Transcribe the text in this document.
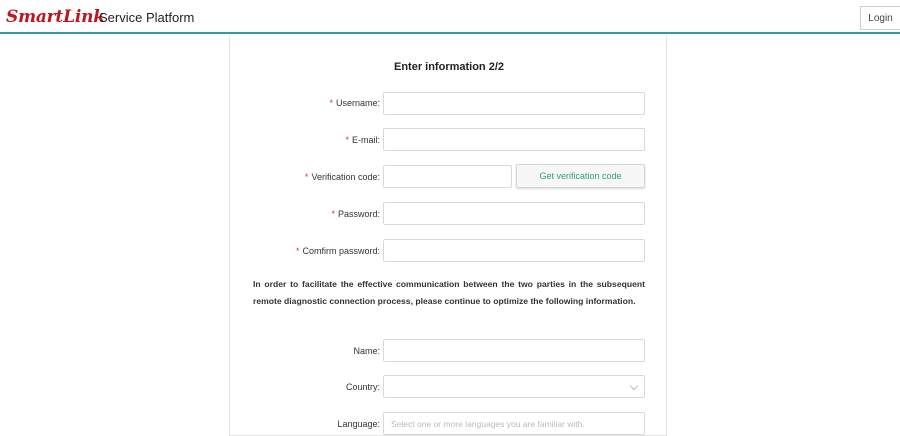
SmartLink
Service Platform	Login
Enter information 2/2
* Username:
* E-mail:
* Verification code:	Get verification code
* Password:
* Comfirm password:
In order to facilitate the effective communication between the two parties in the subsequent remote diagnostic connection process, please continue to optimize the following information.
Name:
Country:
Language: Select one or more languages you are familiar with.
